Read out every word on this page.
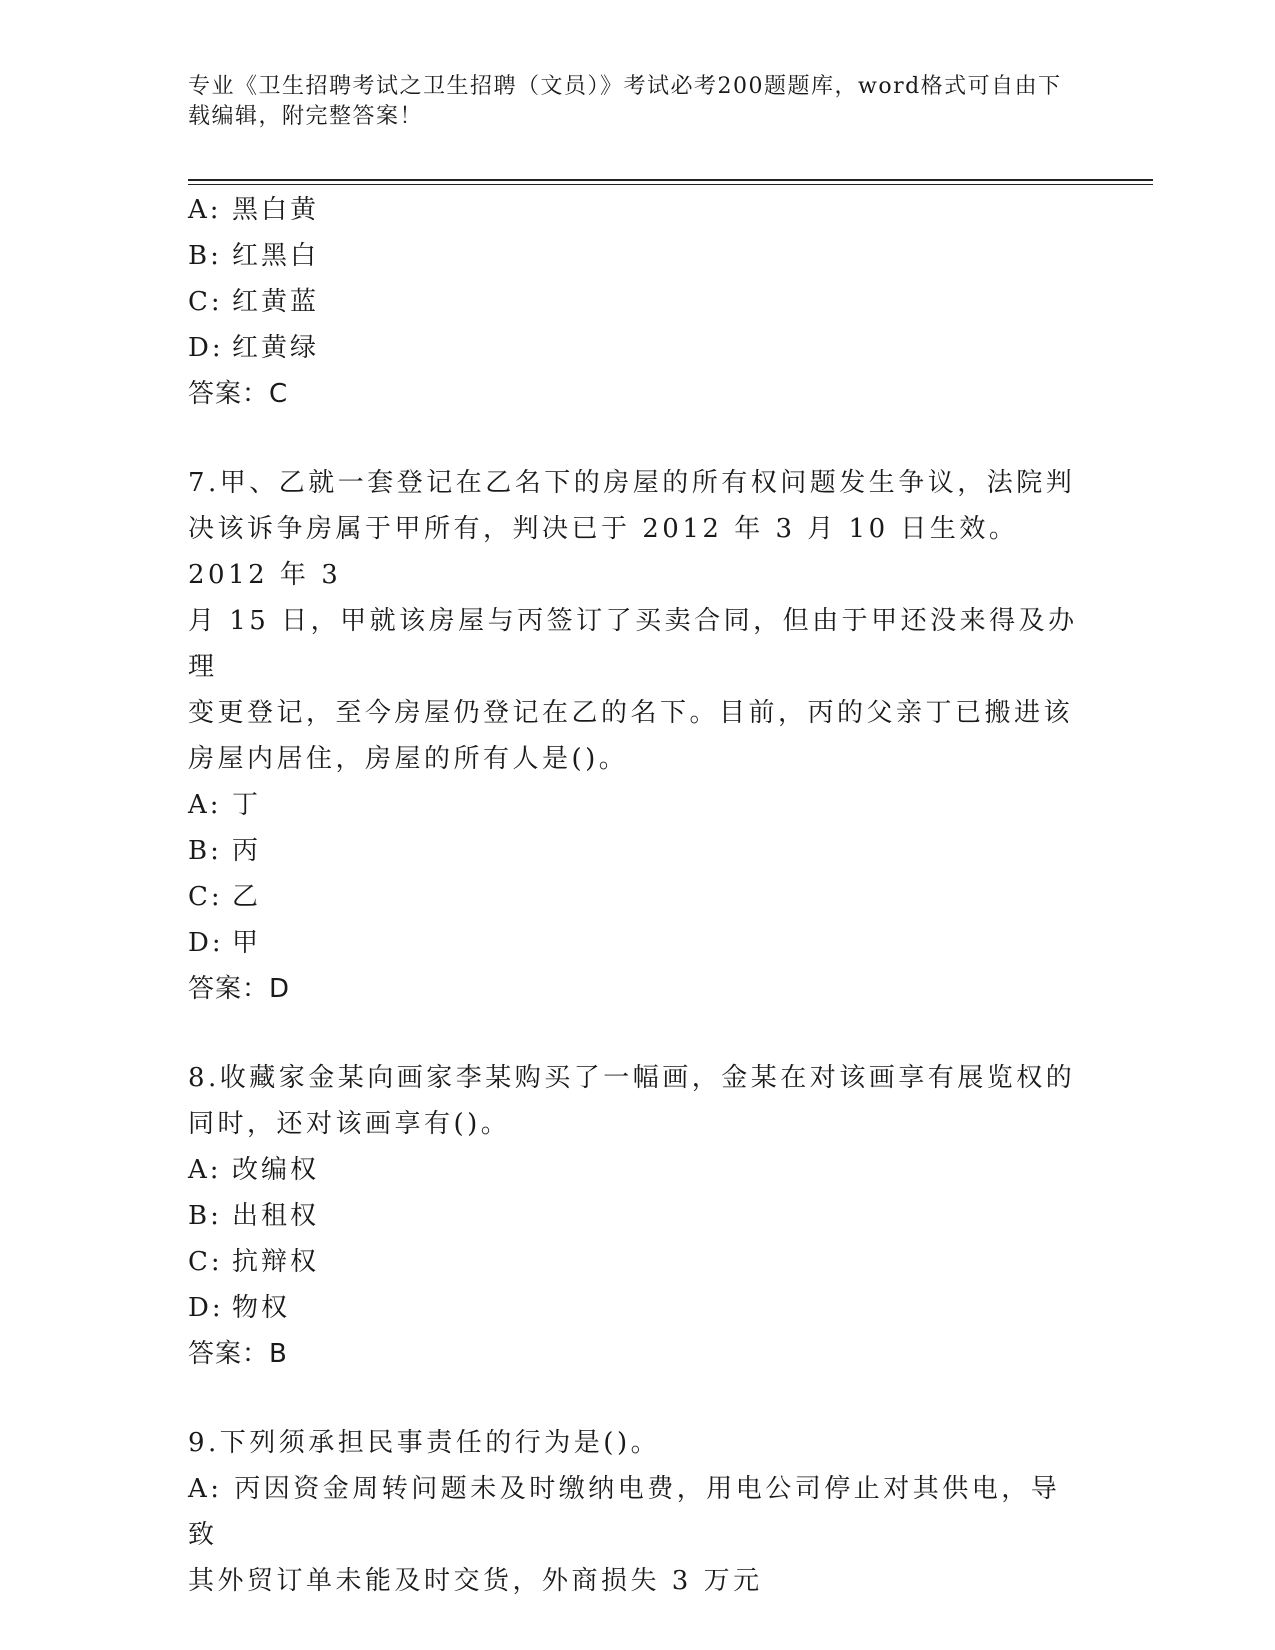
专业《卫生招聘考试之卫生招聘（文员）》考试必考200题题库，word格式可自由下载编辑，附完整答案！
A: 黑白黄
B: 红黑白
C: 红黄蓝
D: 红黄绿
答案：C
7.甲、乙就一套登记在乙名下的房屋的所有权问题发生争议，法院判
决该诉争房属于甲所有，判决已于 2012 年 3 月 10 日生效。2012 年 3
月 15 日，甲就该房屋与丙签订了买卖合同，但由于甲还没来得及办理
变更登记，至今房屋仍登记在乙的名下。目前，丙的父亲丁已搬进该
房屋内居住，房屋的所有人是()。
A: 丁
B: 丙
C: 乙
D: 甲
答案：D
8.收藏家金某向画家李某购买了一幅画，金某在对该画享有展览权的
同时，还对该画享有()。
A: 改编权
B: 出租权
C: 抗辩权
D: 物权
答案：B
9.下列须承担民事责任的行为是()。
A: 丙因资金周转问题未及时缴纳电费，用电公司停止对其供电，导致
其外贸订单未能及时交货，外商损失 3 万元
